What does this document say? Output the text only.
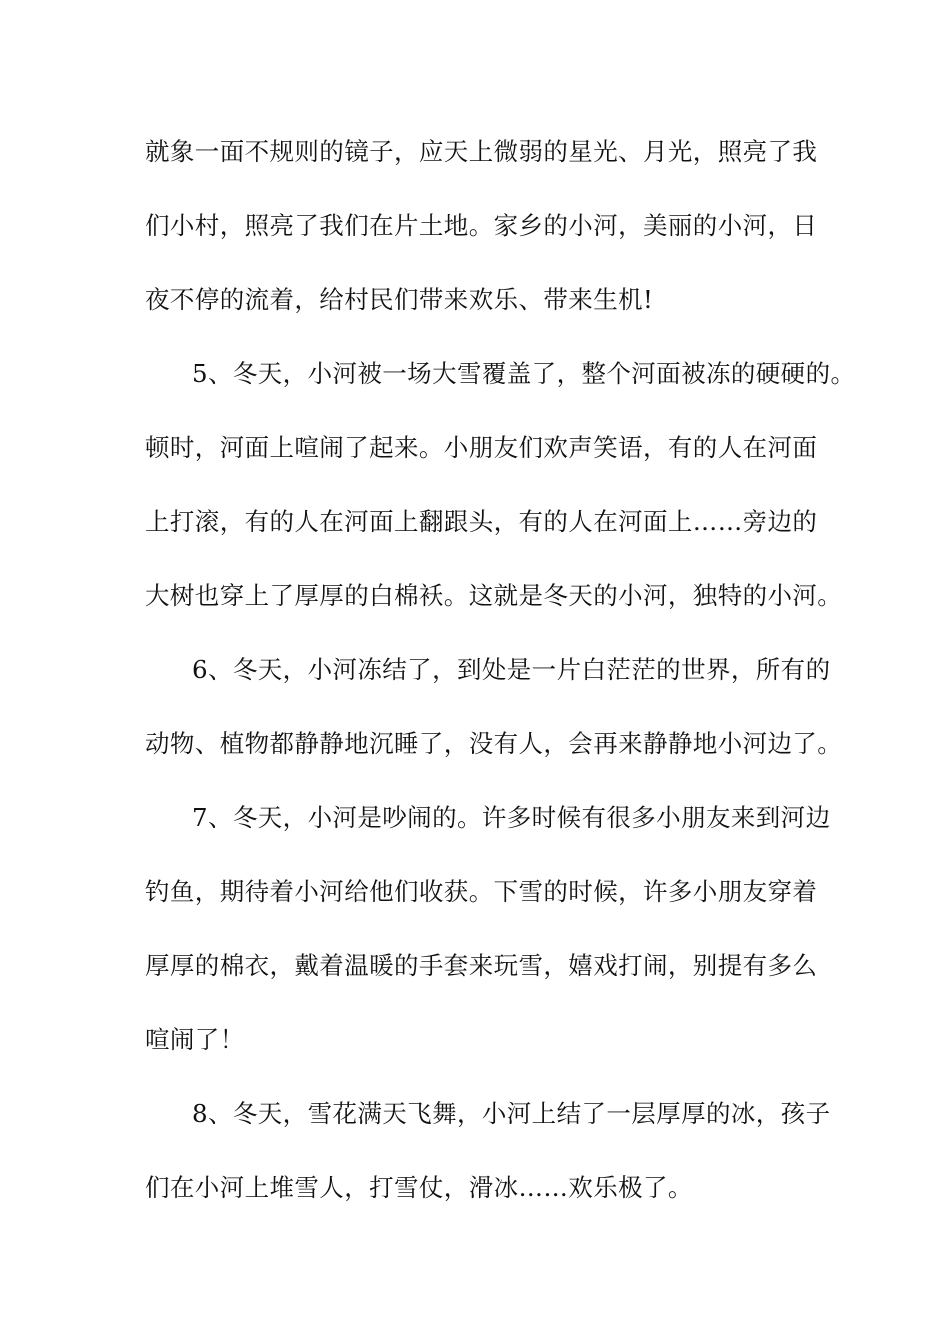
就象一面不规则的镜子，应天上微弱的星光、月光，照亮了我
们小村，照亮了我们在片土地。家乡的小河，美丽的小河，日
夜不停的流着，给村民们带来欢乐、带来生机!
5、冬天，小河被一场大雪覆盖了，整个河面被冻的硬硬的。
顿时，河面上喧闹了起来。小朋友们欢声笑语，有的人在河面
上打滚，有的人在河面上翻跟头，有的人在河面上……旁边的
大树也穿上了厚厚的白棉袄。这就是冬天的小河，独特的小河。
6、冬天，小河冻结了，到处是一片白茫茫的世界，所有的
动物、植物都静静地沉睡了，没有人，会再来静静地小河边了。
7、冬天，小河是吵闹的。许多时候有很多小朋友来到河边
钓鱼，期待着小河给他们收获。下雪的时候，许多小朋友穿着
厚厚的棉衣，戴着温暖的手套来玩雪，嬉戏打闹，别提有多么
喧闹了！
8、冬天，雪花满天飞舞，小河上结了一层厚厚的冰，孩子
们在小河上堆雪人，打雪仗，滑冰……欢乐极了。
